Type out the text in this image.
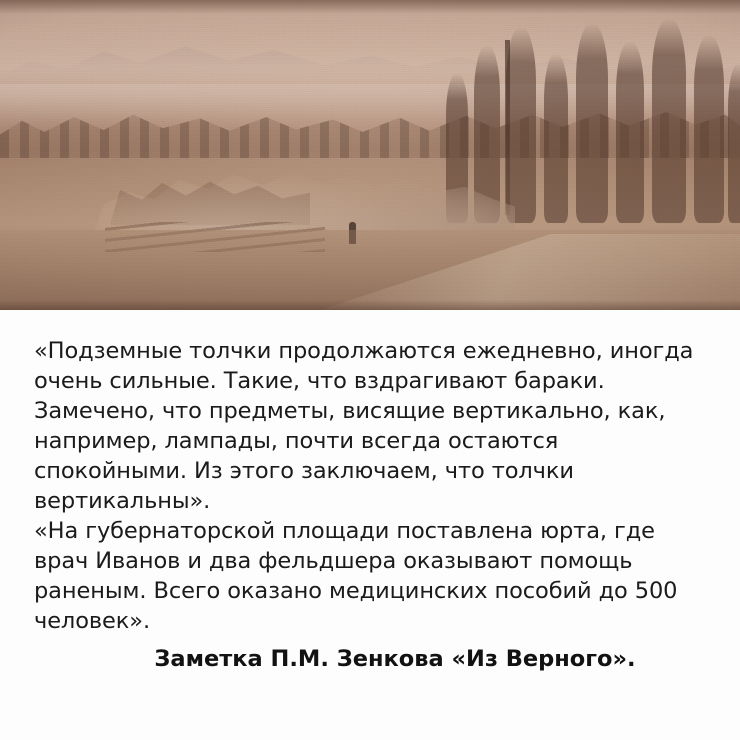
«Подземные толчки продолжаются ежедневно, иногда очень сильные. Такие, что вздрагивают бараки. Замечено, что предметы, висящие вертикально, как, например, лампады, почти всегда остаются спокойными. Из этого заключаем, что толчки вертикальны».

«На губернаторской площади поставлена юрта, где врач Иванов и два фельдшера оказывают помощь раненым. Всего оказано медицинских пособий до 500 человек».

Заметка П.М. Зенкова «Из Верного».
